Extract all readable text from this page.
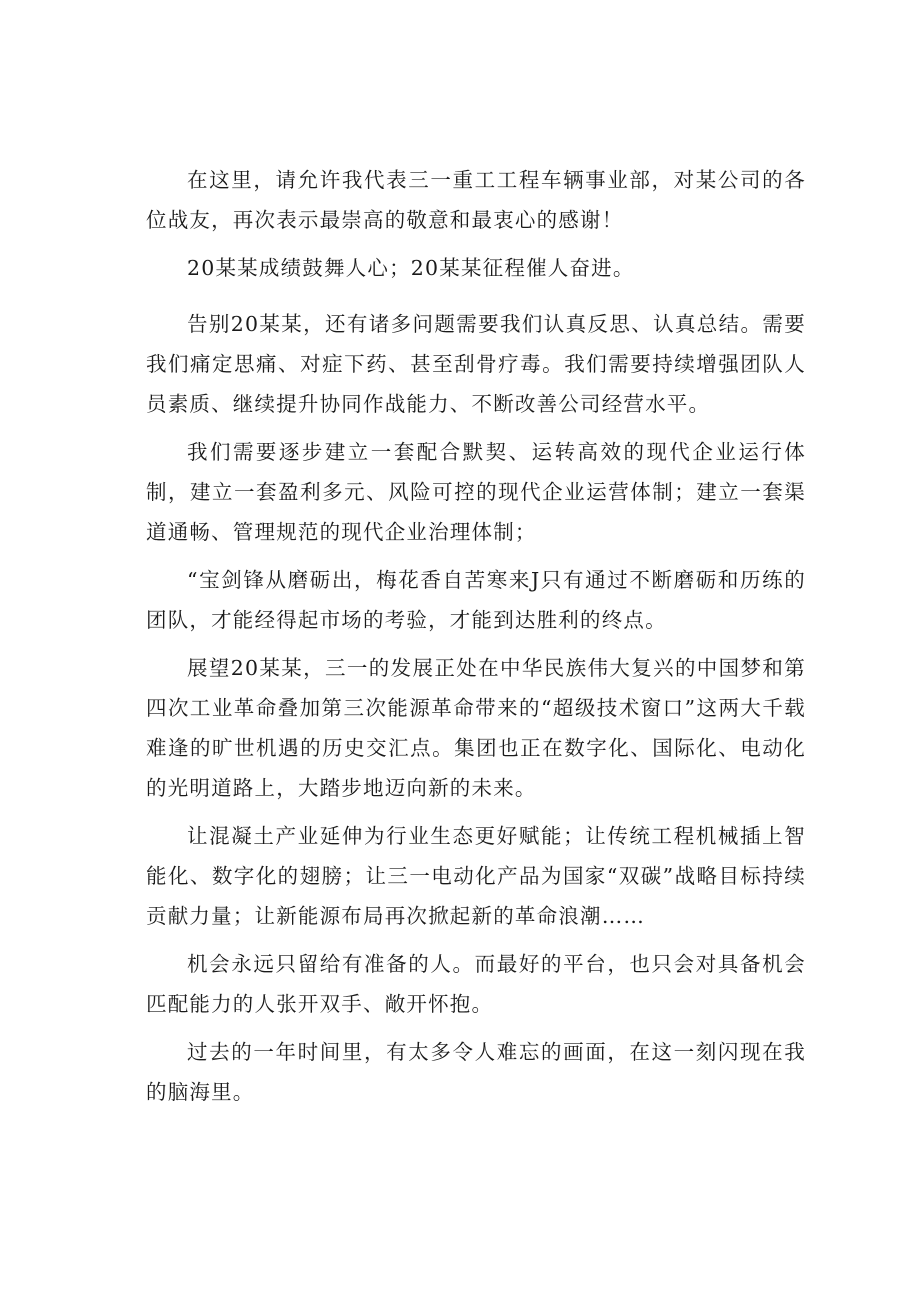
在这里，请允许我代表三一重工工程车辆事业部，对某公司的各位战友，再次表示最崇高的敬意和最衷心的感谢！

20某某成绩鼓舞人心；20某某征程催人奋进。

告别20某某，还有诸多问题需要我们认真反思、认真总结。需要我们痛定思痛、对症下药、甚至刮骨疗毒。我们需要持续增强团队人员素质、继续提升协同作战能力、不断改善公司经营水平。

我们需要逐步建立一套配合默契、运转高效的现代企业运行体制，建立一套盈利多元、风险可控的现代企业运营体制；建立一套渠道通畅、管理规范的现代企业治理体制；

“宝剑锋从磨砺出，梅花香自苦寒来J只有通过不断磨砺和历练的团队，才能经得起市场的考验，才能到达胜利的终点。

展望20某某，三一的发展正处在中华民族伟大复兴的中国梦和第四次工业革命叠加第三次能源革命带来的“超级技术窗口”这两大千载难逢的旷世机遇的历史交汇点。集团也正在数字化、国际化、电动化的光明道路上，大踏步地迈向新的未来。

让混凝土产业延伸为行业生态更好赋能；让传统工程机械插上智能化、数字化的翅膀；让三一电动化产品为国家“双碳”战略目标持续贡献力量；让新能源布局再次掀起新的革命浪潮……

机会永远只留给有准备的人。而最好的平台，也只会对具备机会匹配能力的人张开双手、敞开怀抱。

过去的一年时间里，有太多令人难忘的画面，在这一刻闪现在我的脑海里。
